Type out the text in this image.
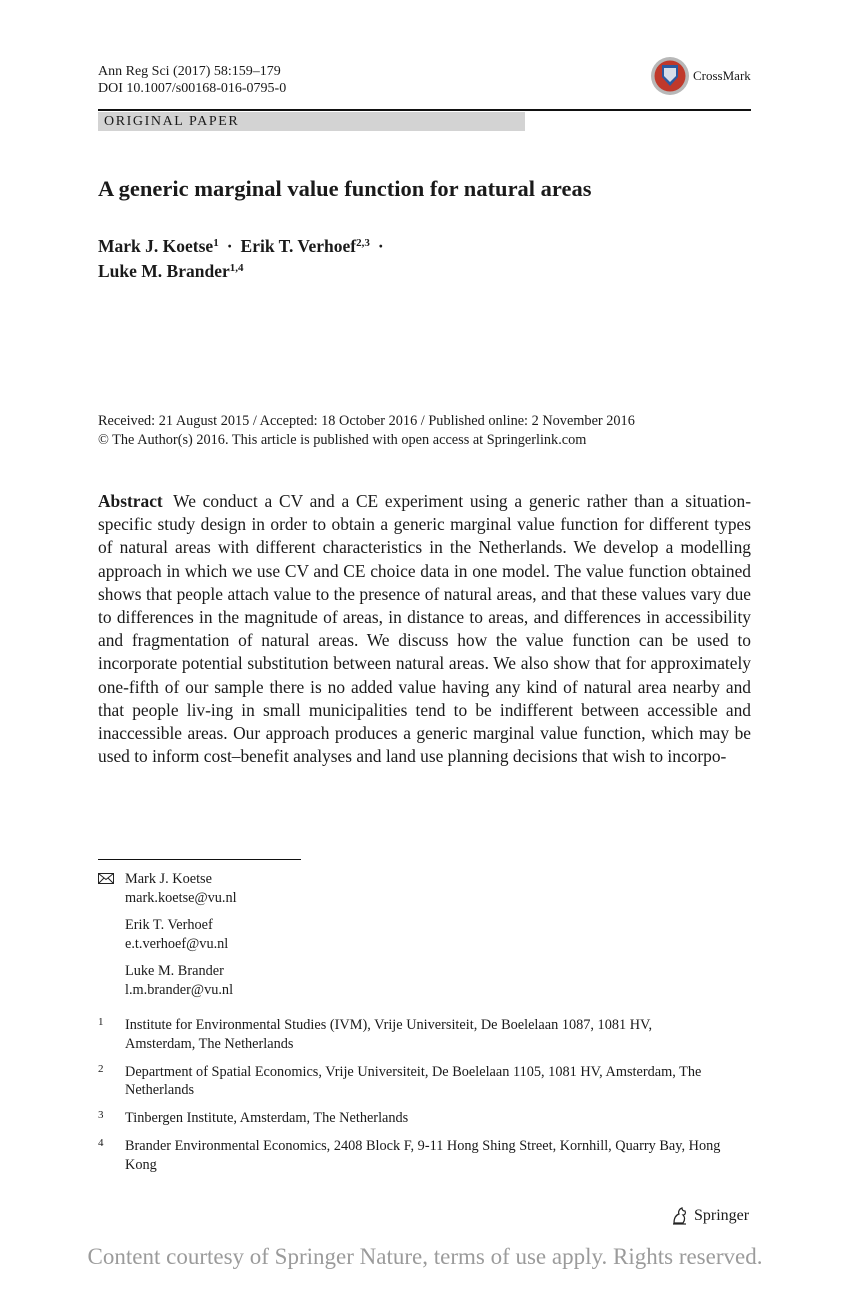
Ann Reg Sci (2017) 58:159–179
DOI 10.1007/s00168-016-0795-0
CrossMark
ORIGINAL PAPER
A generic marginal value function for natural areas
Mark J. Koetse$^1$ · Erik T. Verhoef$^{2,3}$ ·
Luke M. Brander$^{1,4}$
Received: 21 August 2015 / Accepted: 18 October 2016 / Published online: 2 November 2016
© The Author(s) 2016. This article is published with open access at Springerlink.com
Abstract We conduct a CV and a CE experiment using a generic rather than a situation-specific study design in order to obtain a generic marginal value function for different types of natural areas with different characteristics in the Netherlands. We develop a modelling approach in which we use CV and CE choice data in one model. The value function obtained shows that people attach value to the presence of natural areas, and that these values vary due to differences in the magnitude of areas, in distance to areas, and differences in accessibility and fragmentation of natural areas. We discuss how the value function can be used to incorporate potential substitution between natural areas. We also show that for approximately one-fifth of our sample there is no added value having any kind of natural area nearby and that people liv-ing in small municipalities tend to be indifferent between accessible and inaccessible areas. Our approach produces a generic marginal value function, which may be used to inform cost–benefit analyses and land use planning decisions that wish to incorpo-
Mark J. Koetse
mark.koetse@vu.nl
Erik T. Verhoef
e.t.verhoef@vu.nl
Luke M. Brander
l.m.brander@vu.nl
1 Institute for Environmental Studies (IVM), Vrije Universiteit, De Boelelaan 1087, 1081 HV, Amsterdam, The Netherlands
2 Department of Spatial Economics, Vrije Universiteit, De Boelelaan 1105, 1081 HV, Amsterdam, The Netherlands
3 Tinbergen Institute, Amsterdam, The Netherlands
4 Brander Environmental Economics, 2408 Block F, 9-11 Hong Shing Street, Kornhill, Quarry Bay, Hong Kong
Springer
Content courtesy of Springer Nature, terms of use apply. Rights reserved.
